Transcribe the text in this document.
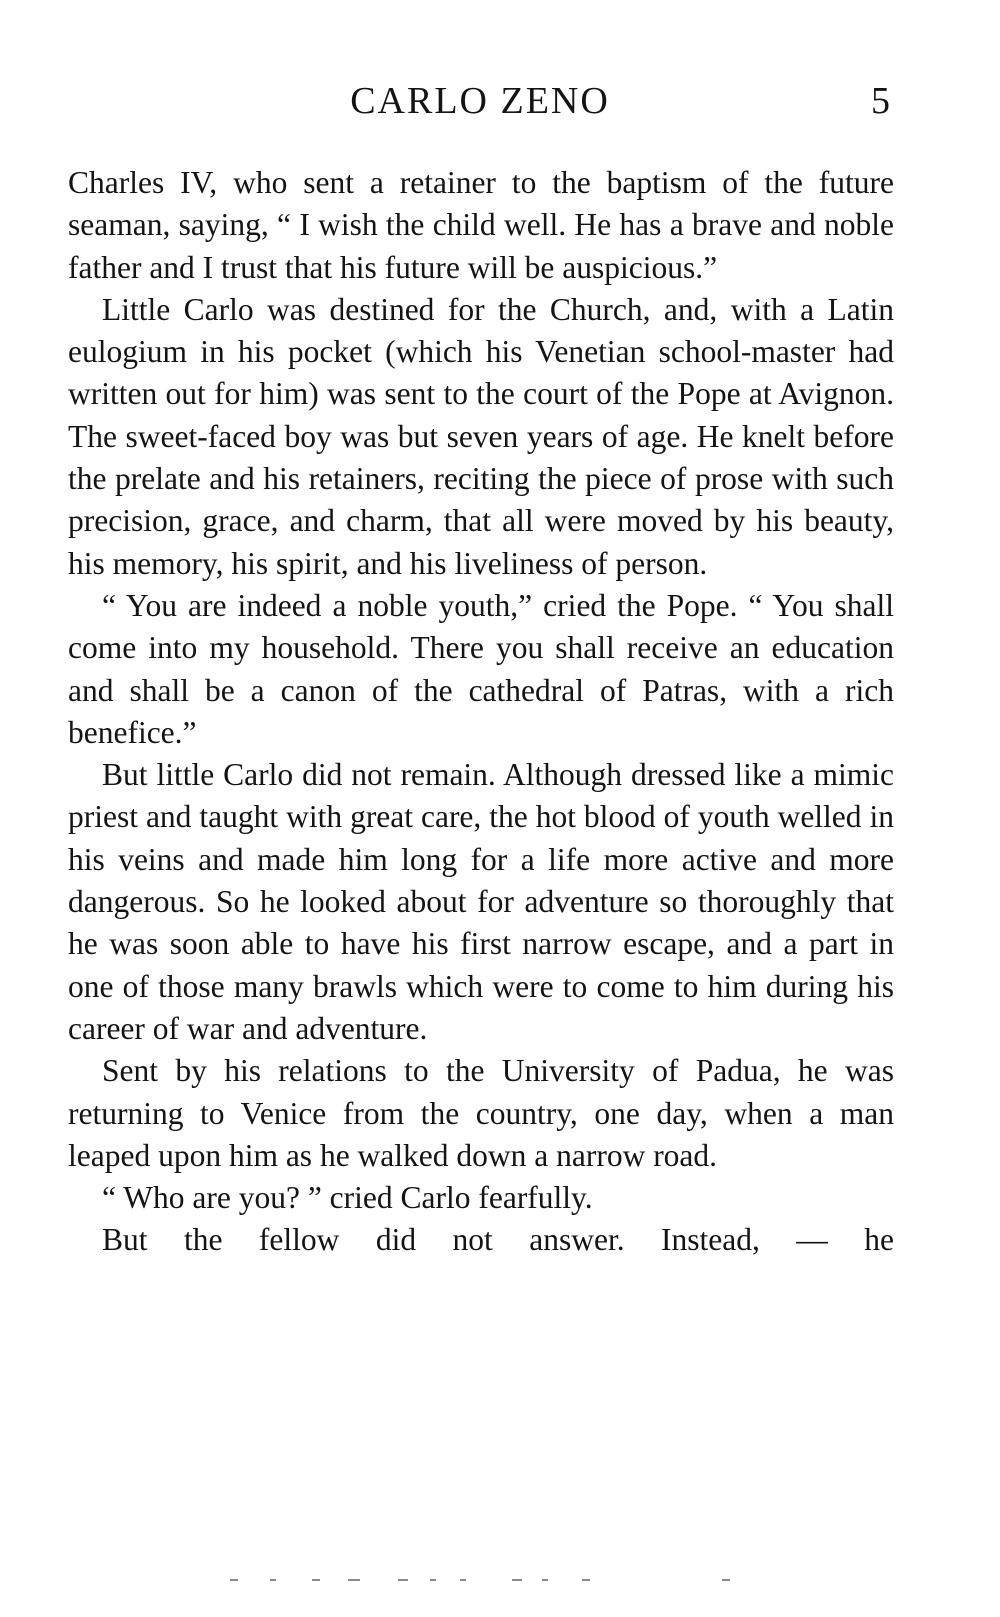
CARLO ZENO	5

Charles IV, who sent a retainer to the baptism of the future seaman, saying, “ I wish the child well. He has a brave and noble father and I trust that his future will be auspicious.”

Little Carlo was destined for the Church, and, with a Latin eulogium in his pocket (which his Venetian school-master had written out for him) was sent to the court of the Pope at Avignon. The sweet-faced boy was but seven years of age. He knelt before the prelate and his retainers, reciting the piece of prose with such precision, grace, and charm, that all were moved by his beauty, his memory, his spirit, and his liveliness of person.

“ You are indeed a noble youth,” cried the Pope. “ You shall come into my household. There you shall receive an education and shall be a canon of the cathedral of Patras, with a rich benefice.”

But little Carlo did not remain. Although dressed like a mimic priest and taught with great care, the hot blood of youth welled in his veins and made him long for a life more active and more dangerous. So he looked about for adventure so thoroughly that he was soon able to have his first narrow escape, and a part in one of those many brawls which were to come to him during his career of war and adventure.

Sent by his relations to the University of Padua, he was returning to Venice from the country, one day, when a man leaped upon him as he walked down a narrow road.

“ Who are you? ” cried Carlo fearfully.

But the fellow did not answer. Instead, — he
